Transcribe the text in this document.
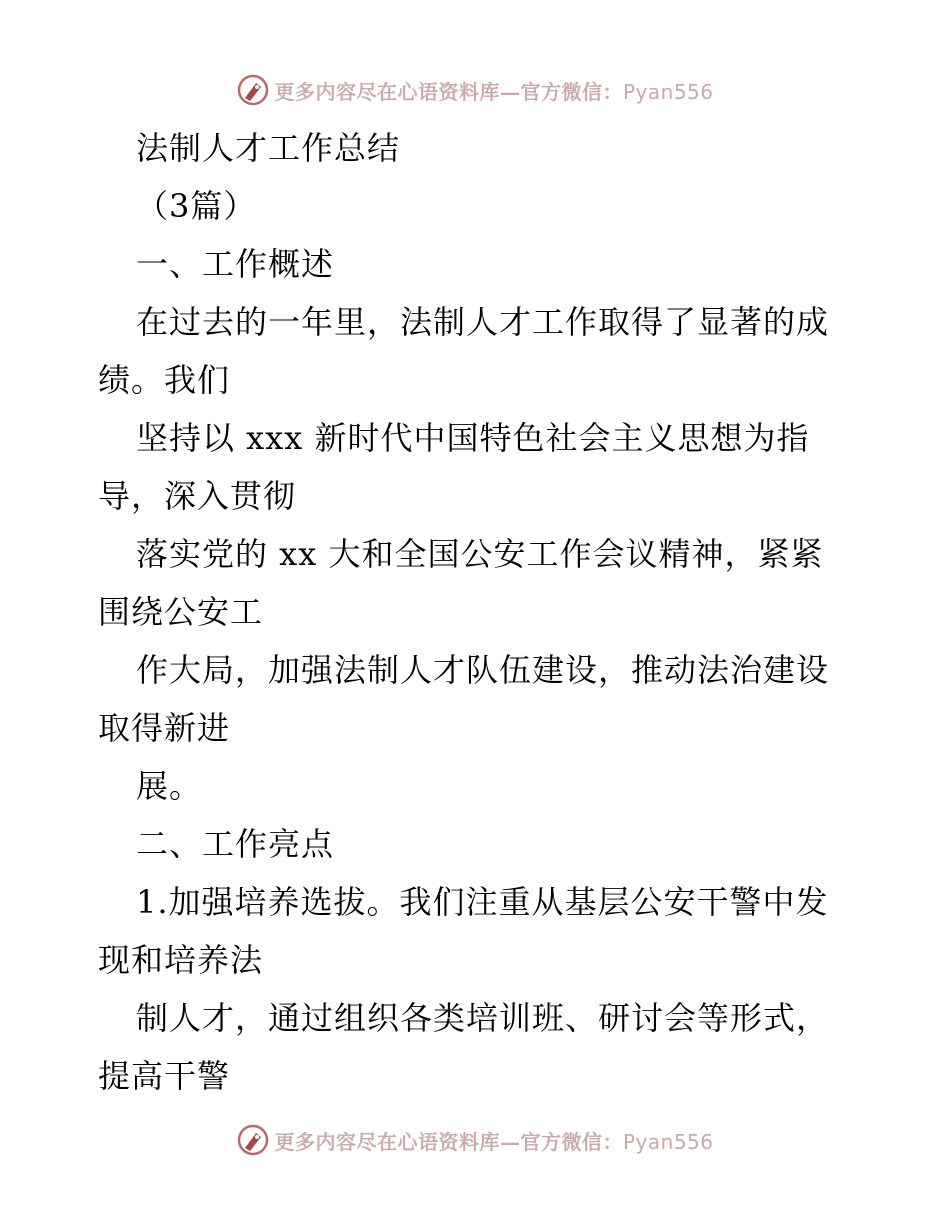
更多内容尽在心语资料库—官方微信：Pyan556
法制人才工作总结
（3篇）
一、工作概述
在过去的一年里，法制人才工作取得了显著的成
绩。我们
坚持以 xxx 新时代中国特色社会主义思想为指
导，深入贯彻
落实党的 xx 大和全国公安工作会议精神，紧紧
围绕公安工
作大局，加强法制人才队伍建设，推动法治建设
取得新进
展。
二、工作亮点
1.加强培养选拔。我们注重从基层公安干警中发
现和培养法
制人才，通过组织各类培训班、研讨会等形式，
提高干警
更多内容尽在心语资料库—官方微信：Pyan556
